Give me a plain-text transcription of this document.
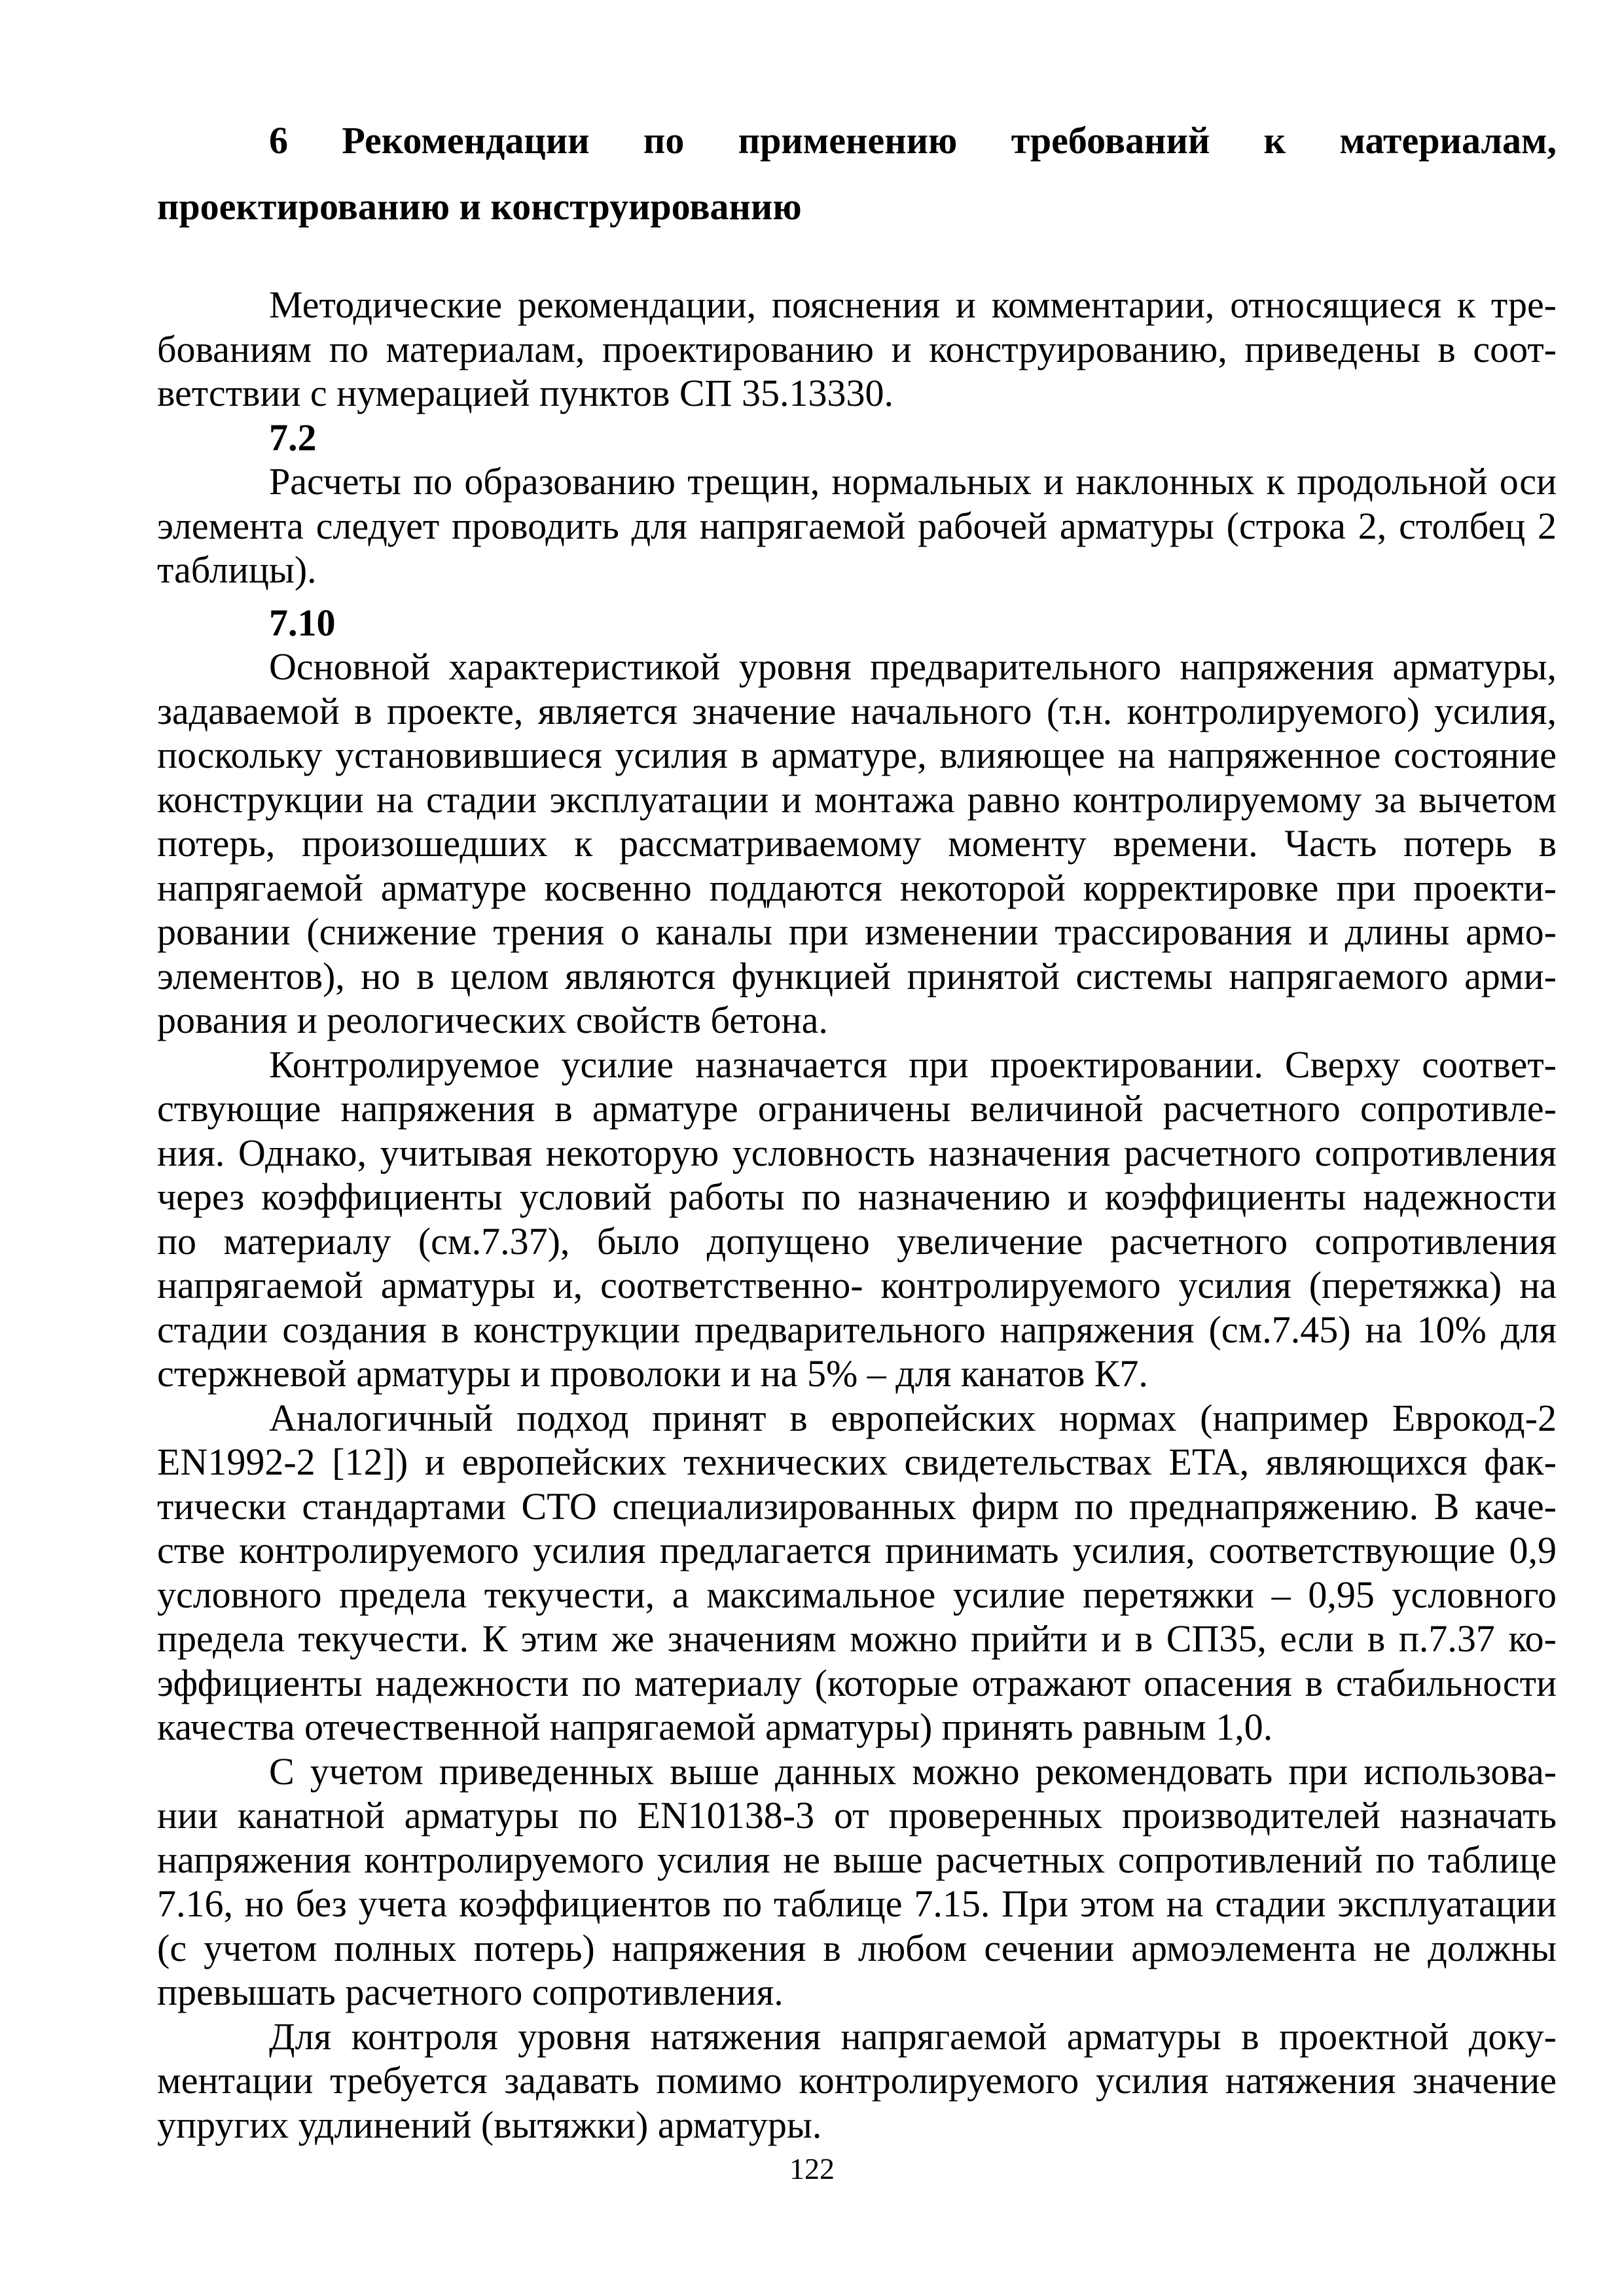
6 Рекомендации по применению требований к материалам,
проектированию и конструированию
Методические рекомендации, пояснения и комментарии, относящиеся к тре-
бованиям по материалам, проектированию и конструированию, приведены в соот-
ветствии с нумерацией пунктов СП 35.13330.
7.2
Расчеты по образованию трещин, нормальных и наклонных к продольной оси
элемента следует проводить для напрягаемой рабочей арматуры (строка 2, столбец 2
таблицы).
7.10
Основной характеристикой уровня предварительного напряжения арматуры,
задаваемой в проекте, является значение начального (т.н. контролируемого) усилия,
поскольку установившиеся усилия в арматуре, влияющее на напряженное состояние
конструкции на стадии эксплуатации и монтажа равно контролируемому за вычетом
потерь, произошедших к рассматриваемому моменту времени. Часть потерь в
напрягаемой арматуре косвенно поддаются некоторой корректировке при проекти-
ровании (снижение трения о каналы при изменении трассирования и длины армо-
элементов), но в целом являются функцией принятой системы напрягаемого арми-
рования и реологических свойств бетона.
Контролируемое усилие назначается при проектировании. Сверху соответ-
ствующие напряжения в арматуре ограничены величиной расчетного сопротивле-
ния. Однако, учитывая некоторую условность назначения расчетного сопротивления
через коэффициенты условий работы по назначению и коэффициенты надежности
по материалу (см.7.37), было допущено увеличение расчетного сопротивления
напрягаемой арматуры и, соответственно- контролируемого усилия (перетяжка) на
стадии создания в конструкции предварительного напряжения (см.7.45) на 10% для
стержневой арматуры и проволоки и на 5% – для канатов К7.
Аналогичный подход принят в европейских нормах (например Еврокод-2
EN1992-2 [12]) и европейских технических свидетельствах ETA, являющихся фак-
тически стандартами СТО специализированных фирм по преднапряжению. В каче-
стве контролируемого усилия предлагается принимать усилия, соответствующие 0,9
условного предела текучести, а максимальное усилие перетяжки – 0,95 условного
предела текучести. К этим же значениям можно прийти и в СП35, если в п.7.37 ко-
эффициенты надежности по материалу (которые отражают опасения в стабильности
качества отечественной напрягаемой арматуры) принять равным 1,0.
С учетом приведенных выше данных можно рекомендовать при использова-
нии канатной арматуры по EN10138-3 от проверенных производителей назначать
напряжения контролируемого усилия не выше расчетных сопротивлений по таблице
7.16, но без учета коэффициентов по таблице 7.15. При этом на стадии эксплуатации
(с учетом полных потерь) напряжения в любом сечении армоэлемента не должны
превышать расчетного сопротивления.
Для контроля уровня натяжения напрягаемой арматуры в проектной доку-
ментации требуется задавать помимо контролируемого усилия натяжения значение
упругих удлинений (вытяжки) арматуры.
122
